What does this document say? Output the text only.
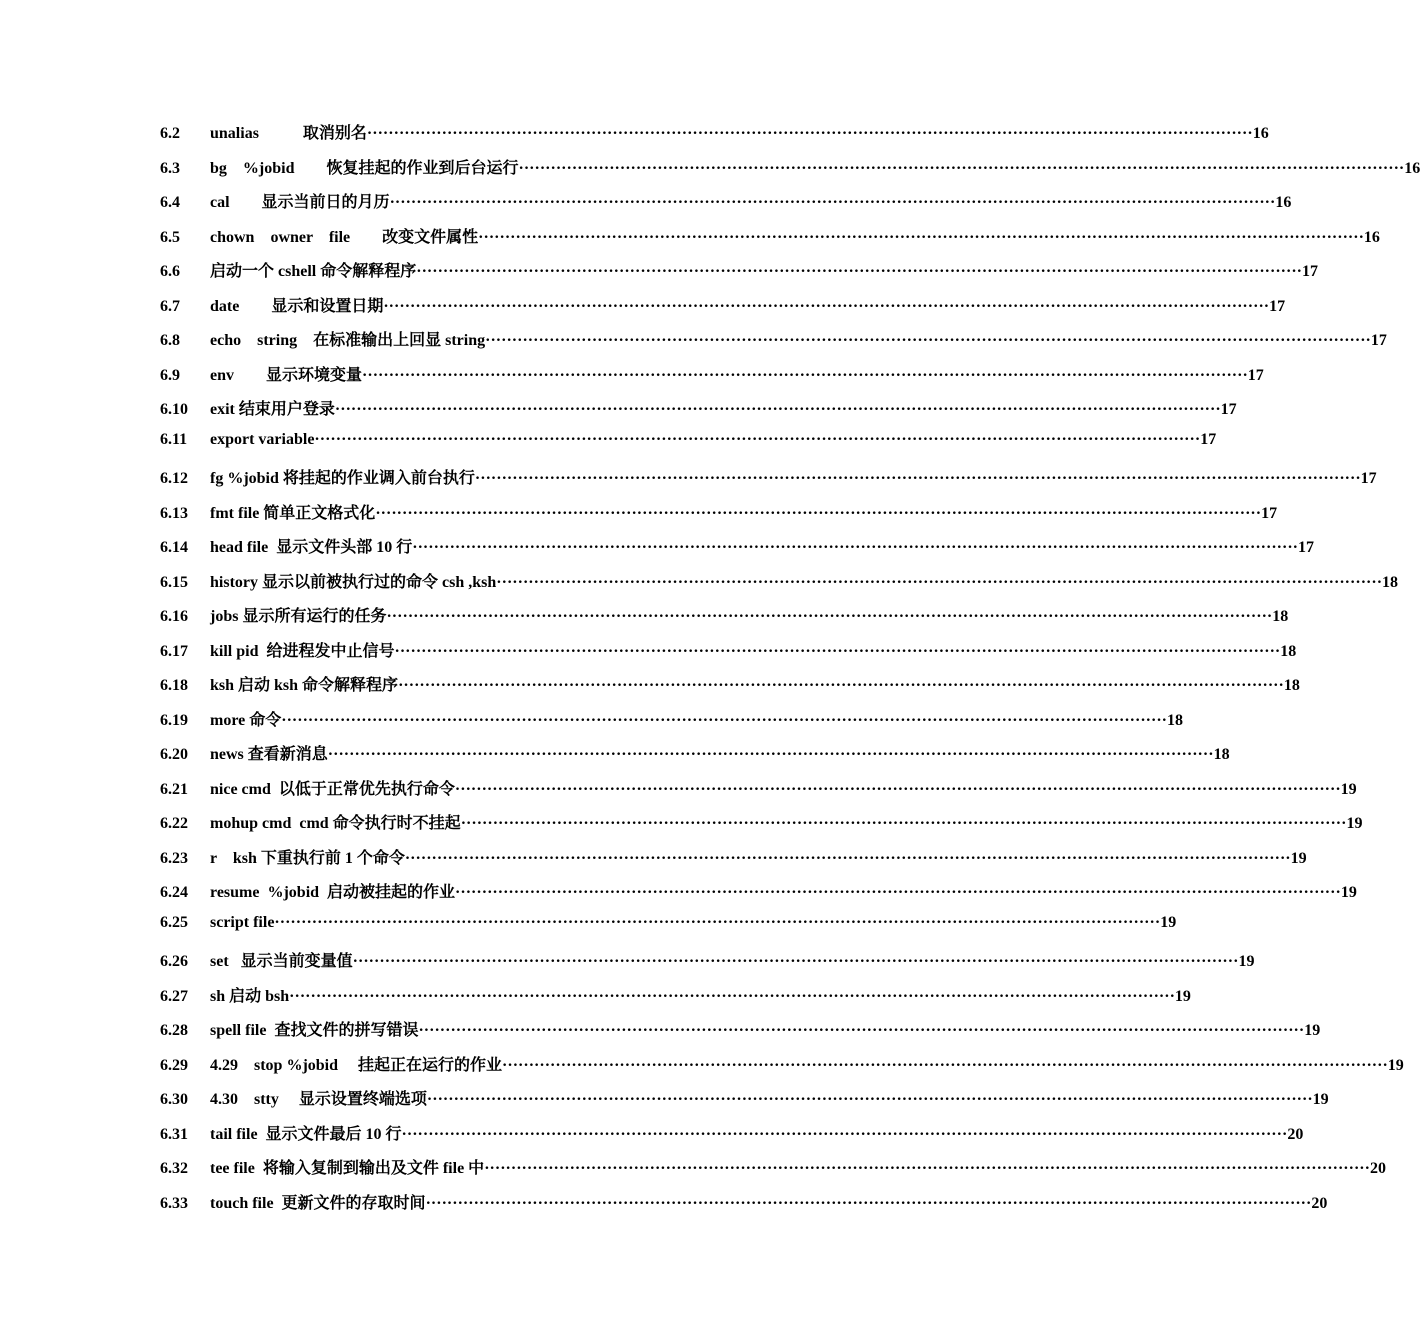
6.2	unalias           取消别名 ·····	16
6.3	bg    %jobid        恢复挂起的作业到后台运行 ·····	16
6.4	cal        显示当前日的月历 ·····	16
6.5	chown    owner    file        改变文件属性 ·····	16
6.6	启动一个 cshell 命令解释程序 ·····	17
6.7	date        显示和设置日期 ·····	17
6.8	echo    string    在标准输出上回显 string ·····	17
6.9	env        显示环境变量 ·····	17
6.10	exit 结束用户登录 ·····	17
6.11	export variable ·····	17
6.12	fg %jobid 将挂起的作业调入前台执行 ·····	17
6.13	fmt file 简单正文格式化 ·····	17
6.14	head file  显示文件头部 10 行 ·····	17
6.15	history 显示以前被执行过的命令 csh ,ksh ·····	18
6.16	jobs 显示所有运行的任务 ·····	18
6.17	kill pid  给进程发中止信号 ·····	18
6.18	ksh 启动 ksh 命令解释程序 ·····	18
6.19	more 命令 ·····	18
6.20	news 查看新消息 ·····	18
6.21	nice cmd  以低于正常优先执行命令 ·····	19
6.22	mohup cmd  cmd 命令执行时不挂起 ·····	19
6.23	r    ksh 下重执行前 1 个命令 ·····	19
6.24	resume  %jobid  启动被挂起的作业 ·····	19
6.25	script file ·····	19
6.26	set   显示当前变量值 ·····	19
6.27	sh 启动 bsh ·····	19
6.28	spell file  查找文件的拼写错误 ·····	19
6.29	4.29    stop %jobid     挂起正在运行的作业 ·····	19
6.30	4.30    stty     显示设置终端选项 ·····	19
6.31	tail file  显示文件最后 10 行 ·····	20
6.32	tee file  将输入复制到输出及文件 file 中 ·····	20
6.33	touch file  更新文件的存取时间 ·····	20
